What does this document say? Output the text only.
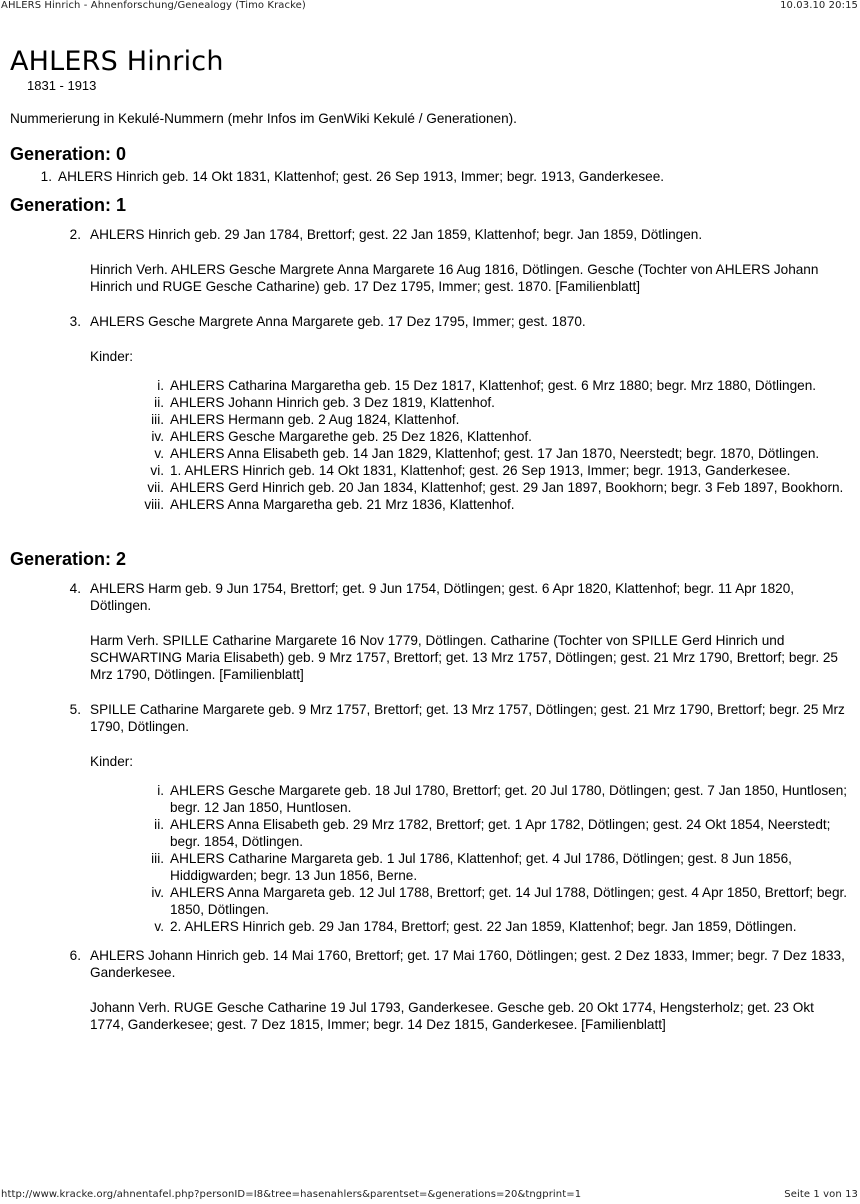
AHLERS Hinrich - Ahnenforschung/Genealogy (Timo Kracke)	10.03.10 20:15
AHLERS Hinrich
1831 - 1913
Nummerierung in Kekulé-Nummern (mehr Infos im GenWiki Kekulé / Generationen).
Generation: 0
1. AHLERS Hinrich geb. 14 Okt 1831, Klattenhof; gest. 26 Sep 1913, Immer; begr. 1913, Ganderkesee.
Generation: 1
2. AHLERS Hinrich geb. 29 Jan 1784, Brettorf; gest. 22 Jan 1859, Klattenhof; begr. Jan 1859, Dötlingen.
Hinrich Verh. AHLERS Gesche Margrete Anna Margarete 16 Aug 1816, Dötlingen. Gesche (Tochter von AHLERS Johann Hinrich und RUGE Gesche Catharine) geb. 17 Dez 1795, Immer; gest. 1870. [Familienblatt]
3. AHLERS Gesche Margrete Anna Margarete geb. 17 Dez 1795, Immer; gest. 1870.
Kinder:
i. AHLERS Catharina Margaretha geb. 15 Dez 1817, Klattenhof; gest. 6 Mrz 1880; begr. Mrz 1880, Dötlingen.
ii. AHLERS Johann Hinrich geb. 3 Dez 1819, Klattenhof.
iii. AHLERS Hermann geb. 2 Aug 1824, Klattenhof.
iv. AHLERS Gesche Margarethe geb. 25 Dez 1826, Klattenhof.
v. AHLERS Anna Elisabeth geb. 14 Jan 1829, Klattenhof; gest. 17 Jan 1870, Neerstedt; begr. 1870, Dötlingen.
vi. 1. AHLERS Hinrich geb. 14 Okt 1831, Klattenhof; gest. 26 Sep 1913, Immer; begr. 1913, Ganderkesee.
vii. AHLERS Gerd Hinrich geb. 20 Jan 1834, Klattenhof; gest. 29 Jan 1897, Bookhorn; begr. 3 Feb 1897, Bookhorn.
viii. AHLERS Anna Margaretha geb. 21 Mrz 1836, Klattenhof.
Generation: 2
4. AHLERS Harm geb. 9 Jun 1754, Brettorf; get. 9 Jun 1754, Dötlingen; gest. 6 Apr 1820, Klattenhof; begr. 11 Apr 1820, Dötlingen.
Harm Verh. SPILLE Catharine Margarete 16 Nov 1779, Dötlingen. Catharine (Tochter von SPILLE Gerd Hinrich und SCHWARTING Maria Elisabeth) geb. 9 Mrz 1757, Brettorf; get. 13 Mrz 1757, Dötlingen; gest. 21 Mrz 1790, Brettorf; begr. 25 Mrz 1790, Dötlingen. [Familienblatt]
5. SPILLE Catharine Margarete geb. 9 Mrz 1757, Brettorf; get. 13 Mrz 1757, Dötlingen; gest. 21 Mrz 1790, Brettorf; begr. 25 Mrz 1790, Dötlingen.
Kinder:
i. AHLERS Gesche Margarete geb. 18 Jul 1780, Brettorf; get. 20 Jul 1780, Dötlingen; gest. 7 Jan 1850, Huntlosen; begr. 12 Jan 1850, Huntlosen.
ii. AHLERS Anna Elisabeth geb. 29 Mrz 1782, Brettorf; get. 1 Apr 1782, Dötlingen; gest. 24 Okt 1854, Neerstedt; begr. 1854, Dötlingen.
iii. AHLERS Catharine Margareta geb. 1 Jul 1786, Klattenhof; get. 4 Jul 1786, Dötlingen; gest. 8 Jun 1856, Hiddigwarden; begr. 13 Jun 1856, Berne.
iv. AHLERS Anna Margareta geb. 12 Jul 1788, Brettorf; get. 14 Jul 1788, Dötlingen; gest. 4 Apr 1850, Brettorf; begr. 1850, Dötlingen.
v. 2. AHLERS Hinrich geb. 29 Jan 1784, Brettorf; gest. 22 Jan 1859, Klattenhof; begr. Jan 1859, Dötlingen.
6. AHLERS Johann Hinrich geb. 14 Mai 1760, Brettorf; get. 17 Mai 1760, Dötlingen; gest. 2 Dez 1833, Immer; begr. 7 Dez 1833, Ganderkesee.
Johann Verh. RUGE Gesche Catharine 19 Jul 1793, Ganderkesee. Gesche geb. 20 Okt 1774, Hengsterholz; get. 23 Okt 1774, Ganderkesee; gest. 7 Dez 1815, Immer; begr. 14 Dez 1815, Ganderkesee. [Familienblatt]
http://www.kracke.org/ahnentafel.php?personID=I8&tree=hasenahlers&parentset=&generations=20&tngprint=1	Seite 1 von 13
